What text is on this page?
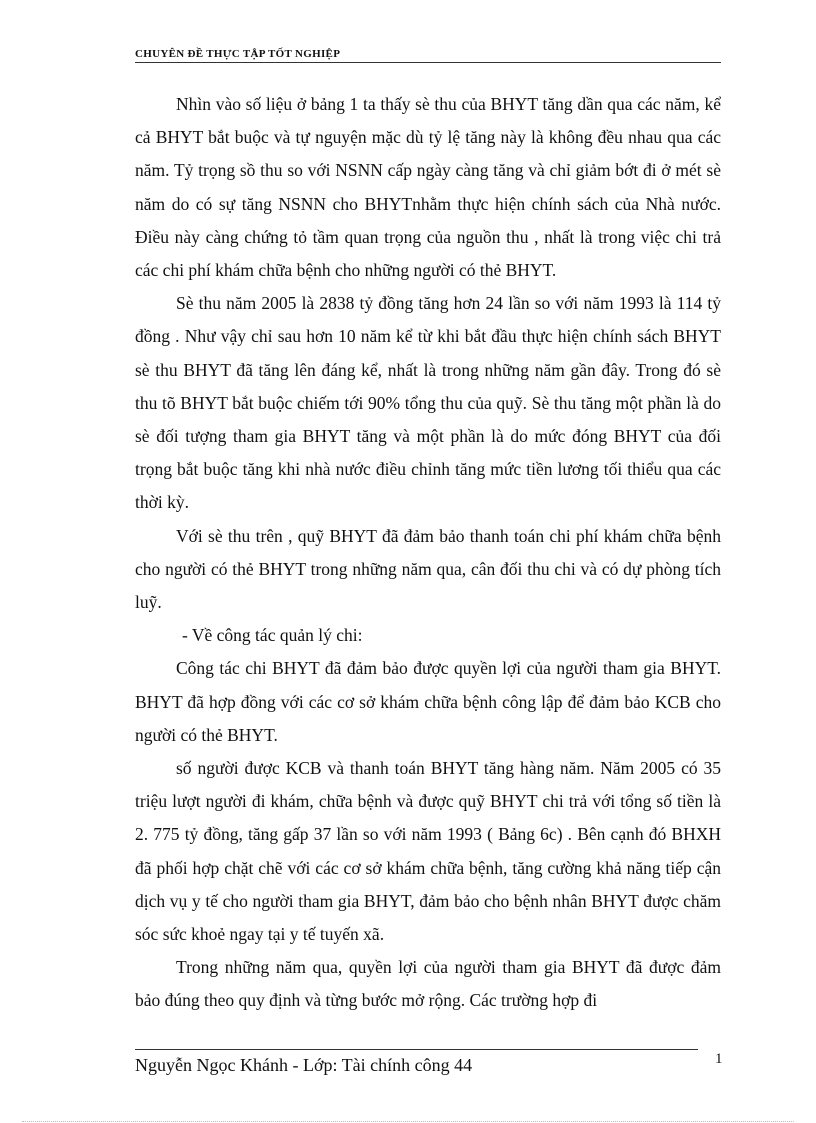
CHUYÊN ĐỀ THỰC TẬP TỐT NGHIỆP

Nhìn vào số liệu ở bảng 1 ta thấy sè thu của BHYT tăng dần qua các năm, kể cả BHYT bắt buộc và tự nguyện mặc dù tỷ lệ tăng này là không đều nhau qua các năm. Tỷ trọng sồ thu so với NSNN cấp ngày càng tăng và chỉ giảm bớt đi ở mét sè năm do có sự tăng NSNN cho BHYTnhằm thực hiện chính sách của Nhà nước. Điều này càng chứng tỏ tầm quan trọng của nguồn thu , nhất là trong việc chi trả các chi phí khám chữa bệnh cho những người có thẻ BHYT.

Sè thu năm 2005 là 2838 tỷ đồng tăng hơn 24 lần so với năm 1993 là 114 tỷ đồng . Như vậy chỉ sau hơn 10 năm kể từ khi bắt đầu thực hiện chính sách BHYT sè thu BHYT đã tăng lên đáng kể, nhất là trong những năm gần đây. Trong đó sè thu tõ BHYT bắt buộc chiếm tới 90% tổng thu của quỹ. Sè thu tăng một phần là do sè đối tượng tham gia BHYT tăng và một phần là do mức đóng BHYT của đối trọng bắt buộc tăng khi nhà nước điều chỉnh tăng mức tiền lương tối thiểu qua các thời kỳ.

Với sè thu trên , quỹ BHYT đã đảm bảo thanh toán chi phí khám chữa bệnh cho người có thẻ BHYT trong những năm qua, cân đối thu chi và có dự phòng tích luỹ.

- Về công tác quản lý chi:

Công tác chi BHYT đã đảm bảo được quyền lợi của người tham gia BHYT. BHYT đã hợp đồng với các cơ sở khám chữa bệnh công lập để đảm bảo KCB cho người có thẻ BHYT.

số người được KCB và thanh toán BHYT tăng hàng năm. Năm 2005 có 35 triệu lượt người đi khám, chữa bệnh và được quỹ BHYT chi trả với tổng số tiền là 2. 775 tỷ đồng, tăng gấp 37 lần so với năm 1993 ( Bảng 6c) . Bên cạnh đó BHXH đã phối hợp chặt chẽ với các cơ sở khám chữa bệnh, tăng cường khả năng tiếp cận dịch vụ y tế cho người tham gia BHYT, đảm bảo cho bệnh nhân BHYT được chăm sóc sức khoẻ ngay tại y tế tuyến xã.

Trong những năm qua, quyền lợi của người tham gia BHYT đã được đảm bảo đúng theo quy định và từng bước mở rộng. Các trường hợp đi

Nguyễn Ngọc Khánh - Lớp: Tài chính công 44	1
